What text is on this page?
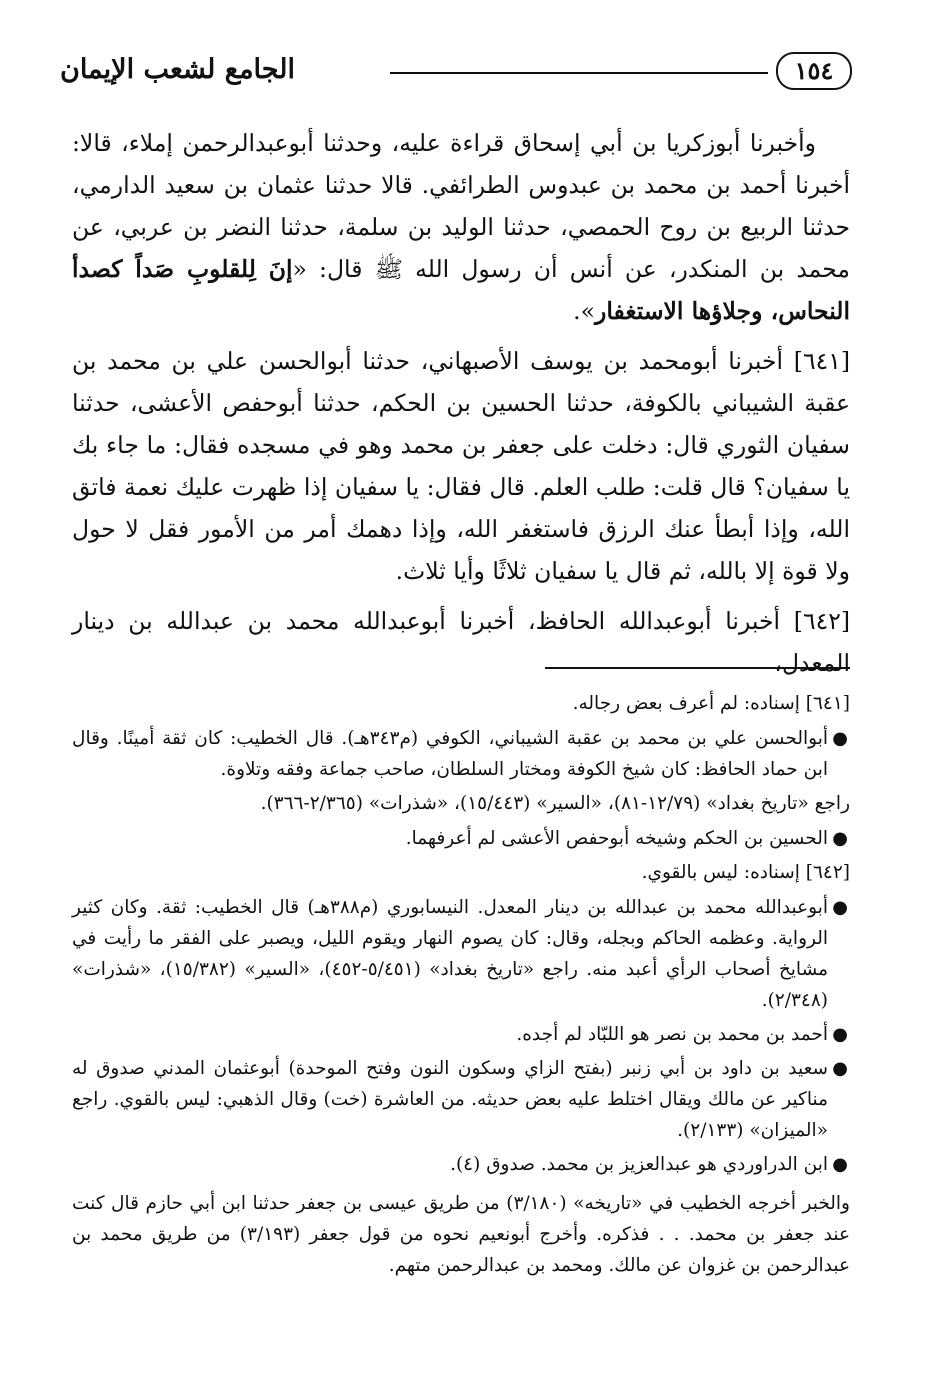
١٥٤
الجامع لشعب الإيمان

وأخبرنا أبوزكريا بن أبي إسحاق قراءة عليه، وحدثنا أبوعبدالرحمن إملاء، قالا: أخبرنا أحمد بن محمد بن عبدوس الطرائفي. قالا حدثنا عثمان بن سعيد الدارمي، حدثنا الربيع بن روح الحمصي، حدثنا الوليد بن سلمة، حدثنا النضر بن عربي، عن محمد بن المنكدر، عن أنس أن رسول الله ﷺ قال: «إنَ لِلقلوبِ صَداً كصدأ النحاس، وجلاؤها الاستغفار».

[٦٤١] أخبرنا أبومحمد بن يوسف الأصبهاني، حدثنا أبوالحسن علي بن محمد بن عقبة الشيباني بالكوفة، حدثنا الحسين بن الحكم، حدثنا أبوحفص الأعشى، حدثنا سفيان الثوري قال: دخلت على جعفر بن محمد وهو في مسجده فقال: ما جاء بك يا سفيان؟ قال قلت: طلب العلم. قال فقال: يا سفيان إذا ظهرت عليك نعمة فاتق الله، وإذا أبطأ عنك الرزق فاستغفر الله، وإذا دهمك أمر من الأمور فقل لا حول ولا قوة إلا بالله، ثم قال يا سفيان ثلاثًا وأيا ثلاث.

[٦٤٢] أخبرنا أبوعبدالله الحافظ، أخبرنا أبوعبدالله محمد بن عبدالله بن دينار المعدل،

[٦٤١] إسناده: لم أعرف بعض رجاله.

●
أبوالحسن علي بن محمد بن عقبة الشيباني، الكوفي (م٣٤٣هـ). قال الخطيب: كان ثقة أمينًا. وقال ابن حماد الحافظ: كان شيخ الكوفة ومختار السلطان، صاحب جماعة وفقه وتلاوة.

راجع «تاريخ بغداد» (١٢/٧٩-٨١)، «السير» (١٥/٤٤٣)، «شذرات» (٢/٣٦٥-٣٦٦).

●
الحسين بن الحكم وشيخه أبوحفص الأعشى لم أعرفهما.

[٦٤٢] إسناده: ليس بالقوي.

●
أبوعبدالله محمد بن عبدالله بن دينار المعدل. النيسابوري (م٣٨٨هـ) قال الخطيب: ثقة. وكان كثير الرواية. وعظمه الحاكم وبجله، وقال: كان يصوم النهار ويقوم الليل، ويصبر على الفقر ما رأيت في مشايخ أصحاب الرأي أعبد منه. راجع «تاريخ بغداد» (٥/٤٥١-٤٥٢)، «السير» (١٥/٣٨٢)، «شذرات» (٢/٣٤٨).
●
أحمد بن محمد بن نصر هو اللبّاد لم أجده.
●
سعيد بن داود بن أبي زنبر (بفتح الزاي وسكون النون وفتح الموحدة) أبوعثمان المدني صدوق له مناكير عن مالك ويقال اختلط عليه بعض حديثه. من العاشرة (خت) وقال الذهبي: ليس بالقوي. راجع «الميزان» (٢/١٣٣).
●
ابن الدراوردي هو عبدالعزيز بن محمد. صدوق (٤).

والخبر أخرجه الخطيب في «تاريخه» (٣/١٨٠) من طريق عيسى بن جعفر حدثنا ابن أبي حازم قال كنت عند جعفر بن محمد. . . فذكره. وأخرج أبونعيم نحوه من قول جعفر (٣/١٩٣) من طريق محمد بن عبدالرحمن بن غزوان عن مالك. ومحمد بن عبدالرحمن متهم.
